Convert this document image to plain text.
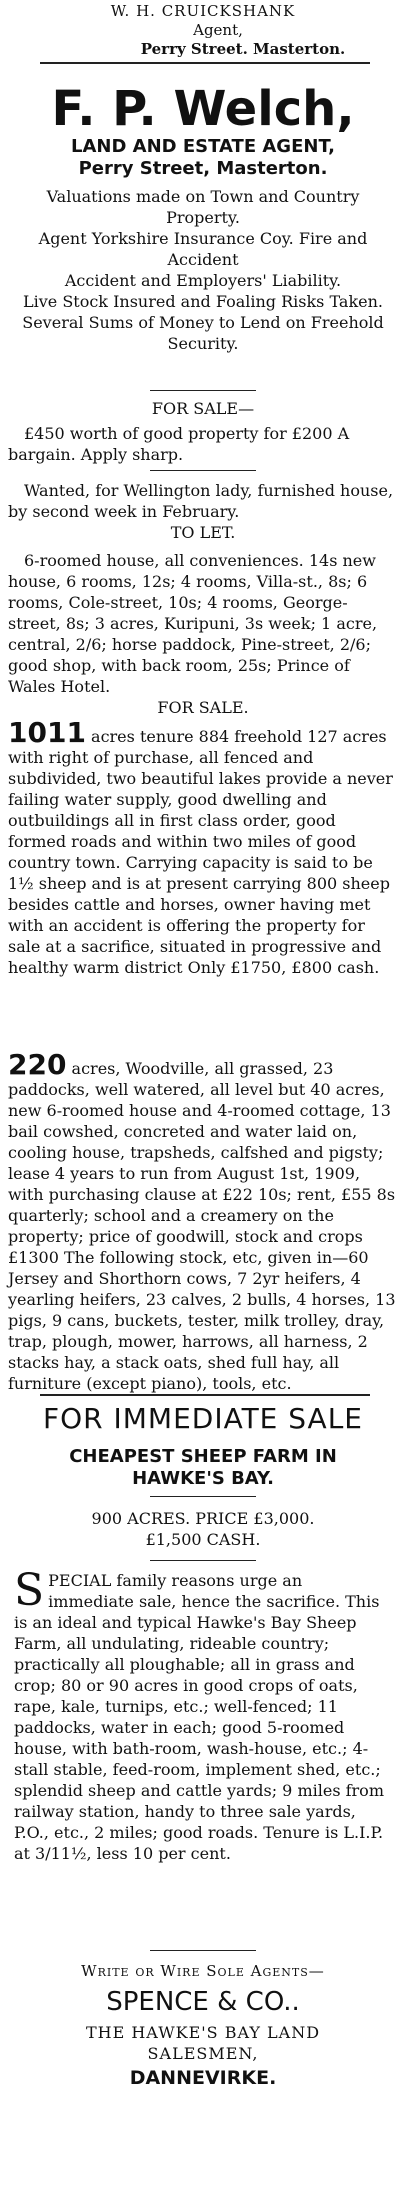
W. H. CRUICKSHANK

Agent,

Perry Street. Masterton.

F. P. Welch,

LAND AND ESTATE AGENT,

Perry Street, Masterton.

Valuations made on Town and Country Property.

Agent Yorkshire Insurance Coy. Fire and Accident

Accident and Employers' Liability.

Live Stock Insured and Foaling Risks Taken.

Several Sums of Money to Lend on Freehold Security.

FOR SALE—

£450 worth of good property for £200 A bargain. Apply sharp.

Wanted, for Wellington lady, furnished house, by second week in February.

TO LET.

6-roomed house, all conveniences. 14s new house, 6 rooms, 12s; 4 rooms, Villa-st., 8s; 6 rooms, Cole-street, 10s; 4 rooms, George-street, 8s; 3 acres, Kuripuni, 3s week; 1 acre, central, 2/6; horse paddock, Pine-street, 2/6; good shop, with back room, 25s; Prince of Wales Hotel.

FOR SALE.

1011 acres tenure 884 freehold 127 acres with right of purchase, all fenced and subdivided, two beautiful lakes provide a never failing water supply, good dwelling and outbuildings all in first class order, good formed roads and within two miles of good country town. Carrying capacity is said to be 1½ sheep and is at present carrying 800 sheep besides cattle and horses, owner having met with an accident is offering the property for sale at a sacrifice, situated in progressive and healthy warm district Only £1750, £800 cash.

220 acres, Woodville, all grassed, 23 paddocks, well watered, all level but 40 acres, new 6-roomed house and 4-roomed cottage, 13 bail cowshed, concreted and water laid on, cooling house, trapsheds, calfshed and pigsty; lease 4 years to run from August 1st, 1909, with purchasing clause at £22 10s; rent, £55 8s quarterly; school and a creamery on the property; price of goodwill, stock and crops £1300 The following stock, etc, given in—60 Jersey and Shorthorn cows, 7 2yr heifers, 4 yearling heifers, 23 calves, 2 bulls, 4 horses, 13 pigs, 9 cans, buckets, tester, milk trolley, dray, trap, plough, mower, harrows, all harness, 2 stacks hay, a stack oats, shed full hay, all furniture (except piano), tools, etc.

FOR IMMEDIATE SALE

CHEAPEST SHEEP FARM IN HAWKE'S BAY.

900 ACRES. PRICE £3,000.

£1,500 CASH.

SPECIAL family reasons urge an immediate sale, hence the sacrifice. This is an ideal and typical Hawke's Bay Sheep Farm, all undulating, rideable country; practically all ploughable; all in grass and crop; 80 or 90 acres in good crops of oats, rape, kale, turnips, etc.; well-fenced; 11 paddocks, water in each; good 5-roomed house, with bath-room, wash-house, etc.; 4-stall stable, feed-room, implement shed, etc.; splendid sheep and cattle yards; 9 miles from railway station, handy to three sale yards, P.O., etc., 2 miles; good roads. Tenure is L.I.P. at 3/11½, less 10 per cent.

Write or Wire Sole Agents—

SPENCE & CO..

THE HAWKE'S BAY LAND SALESMEN,

DANNEVIRKE.
